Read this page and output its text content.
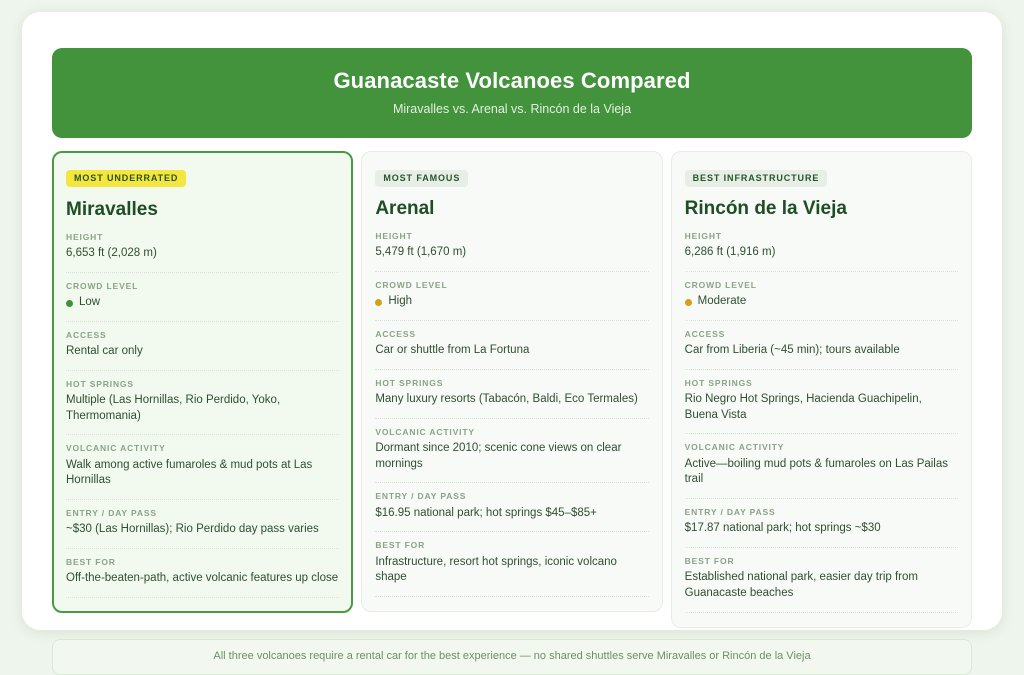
Guanacaste Volcanoes Compared
Miravalles vs. Arenal vs. Rincón de la Vieja
MOST UNDERRATED
Miravalles
HEIGHT
6,653 ft (2,028 m)
CROWD LEVEL
Low
ACCESS
Rental car only
HOT SPRINGS
Multiple (Las Hornillas, Rio Perdido, Yoko, Thermomania)
VOLCANIC ACTIVITY
Walk among active fumaroles & mud pots at Las Hornillas
ENTRY / DAY PASS
~$30 (Las Hornillas); Rio Perdido day pass varies
BEST FOR
Off-the-beaten-path, active volcanic features up close
MOST FAMOUS
Arenal
HEIGHT
5,479 ft (1,670 m)
CROWD LEVEL
High
ACCESS
Car or shuttle from La Fortuna
HOT SPRINGS
Many luxury resorts (Tabacón, Baldi, Eco Termales)
VOLCANIC ACTIVITY
Dormant since 2010; scenic cone views on clear mornings
ENTRY / DAY PASS
$16.95 national park; hot springs $45–$85+
BEST FOR
Infrastructure, resort hot springs, iconic volcano shape
BEST INFRASTRUCTURE
Rincón de la Vieja
HEIGHT
6,286 ft (1,916 m)
CROWD LEVEL
Moderate
ACCESS
Car from Liberia (~45 min); tours available
HOT SPRINGS
Rio Negro Hot Springs, Hacienda Guachipelin, Buena Vista
VOLCANIC ACTIVITY
Active—boiling mud pots & fumaroles on Las Pailas trail
ENTRY / DAY PASS
$17.87 national park; hot springs ~$30
BEST FOR
Established national park, easier day trip from Guanacaste beaches
All three volcanoes require a rental car for the best experience — no shared shuttles serve Miravalles or Rincón de la Vieja
